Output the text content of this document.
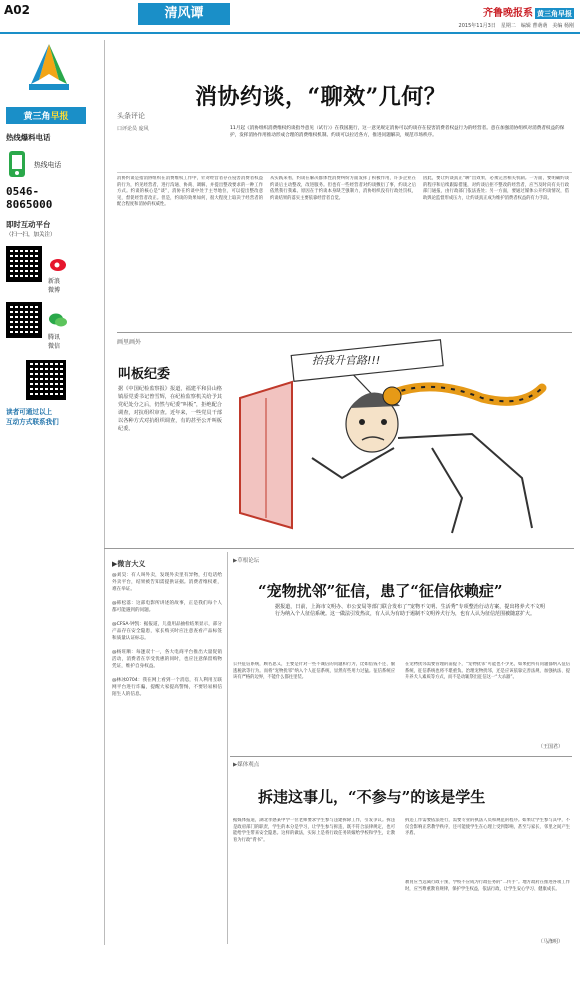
A02	清风谭	齐鲁晚报系 黄三角早报
2015年11月3日　星期二　编辑 曹萌萌　美编 杨刚
黄三角早报
热线爆料电话
热线电话
0546-
8065000
即时互动平台
（扫一扫，加关注）
新浪
微博
腾讯
微信
读者可通过以上
互动方式联系我们
消协约谈，“聊效”几何？
头条评论
口评论员 庞风	11月起《消协组织消费维权约谈指导意见（试行）》在我国施行，这一意见规定消协可以约谈存在侵害消费者权益行为的经营者。意在加强消协组织对消费者权益的保护，发挥消协作用推动形成合理的消费维权机制。约谈可以拉近各方，推进问题解决，规范市场秩序。
消协约谈是指消协组织在消费维权工作中，针对经营者存在侵害消费者权益的行为，约见经营者，进行沟通、协商、调解，并提出整改要求的一种工作方式。约谈的核心是“谈”，消协在约谈中处于主导地位，可以提出整改意见，督促经营者改正。但是，约谈的效果如何，很大程度上取决于经营者的配合程度和消协的权威性。
从实践来看，约谈在解决群体性消费纠纷方面发挥了积极作用，许多企业在约谈后主动整改，改进服务。但也有一些经营者对约谈敷衍了事，约谈之后依然我行我素。原因在于约谈本身缺乏强制力，消协组织没有行政处罚权，约谈结果的落实主要依靠经营者自觉。
因此，要让约谈真正“聊”出效果，必须完善相关机制。一方面，要明确约谈的程序和后续跟踪措施，对约谈后拒不整改的经营者，应当及时向有关行政部门通报，由行政部门依法查处；另一方面，要通过媒体公开约谈情况，借助舆论监督形成压力，让约谈真正成为维护消费者权益的有力手段。
画里画外
叫板纪委
据《中国纪检监察报》报道，福建平和县山格镇原党委书记曾雪辉，在纪检监察机关给予其党纪处分之后，仍然与纪委“叫板”，拒绝配合调查，对抗组织审查。近年来，一些党员干部以各种方式对抗组织调查，有的甚至公开叫板纪委。
抬我升官路!!!
▶微言大义
@刘昊：有人叫外卖，发现外卖里有异物，打电话给外卖平台，结果被告知需提供证据。消费者维权难，难在举证。

@韩松落：这部电影所讲述的故事，正是我们每个人都可能遇到的问题。

@CFSA·钟凯：据报道，儿童用品抽检结果显示，部分产品存在安全隐患，家长购买时应注意查看产品标签和质量认证标志。

@杨旺顺：每逢双十一，各大电商平台推出大量促销活动，消费者在享受优惠的同时，也应注意保留购物凭证，维护自身权益。

@林冰0704：我在网上看到一个消息，有人利用互联网平台进行诈骗，提醒大家提高警惕，不要轻易相信陌生人的信息。
▶草根论坛
“宠物扰邻”征信，患了“征信依赖症”
据报道，日前，上海市文明办、市公安局等部门联合发布了“宠物不文明、生活秀”专项整治行动方案，提出将养犬不文明行为纳入个人征信系统。这一做法引发热议，有人认为有助于遏制不文明养犬行为，也有人认为征信范围被随意扩大。
公共征信系统，顾名思义，主要是针对一些不诚信的问题和行为，比如借钱不还、偷逃税款等行为。而将“宠物扰邻”纳入个人征信系统，显然有些用力过猛。征信系统应该有严格的边界，不能什么都往里装。
在宠物扰邻需要管理的前提下，“宠物扰邻”可能也不少见，如果把所有问题都纳入征信系统，征信系统也将不堪重负。治理宠物扰邻，还是应该依靠完善法规、加强执法、提升养犬人素质等方式，而不是动辄祭出征信这一“大杀器”。
（王国君）
▶媒体观点
拆违这事儿，“不参与”的该是学生
据媒体报道，湖北孝感某中学一位老师要求学生参与违建拆除工作，引发争议。拆违是政府部门的职责，学生的本分是学习，让学生参与拆违，既不符合法律规定，也可能给学生带来安全隐患。这样的做法，实际上是将行政任务转嫁给学校和学生，让教育为行政“背书”。
拆违工作需要依法进行，需要专业的执法人员和规范的程序。如果让学生参与其中，不仅会影响正常教学秩序，还可能使学生在心理上受到影响，甚至与家长、邻里之间产生矛盾。
教育应当远离行政干预，学校不应成为行政任务的“二传手”。地方政府在推进各项工作时，应当尊重教育规律，保护学生权益，依法行政，让学生安心学习、健康成长。
（马涤明）
